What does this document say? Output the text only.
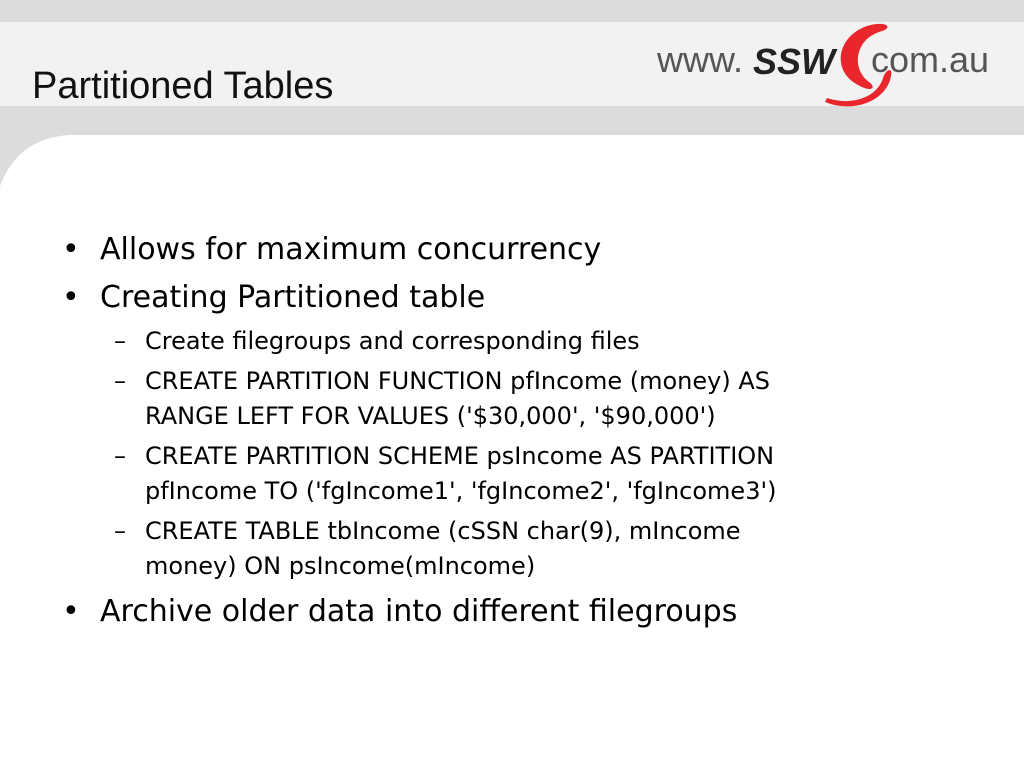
Partitioned Tables
www. SSW com.au
• Allows for maximum concurrency
• Creating Partitioned table
– Create filegroups and corresponding files
– CREATE PARTITION FUNCTION pfIncome (money) AS
RANGE LEFT FOR VALUES ('$30,000', '$90,000')
– CREATE PARTITION SCHEME psIncome AS PARTITION
pfIncome TO ('fgIncome1', 'fgIncome2', 'fgIncome3')
– CREATE TABLE tbIncome (cSSN char(9), mIncome
money) ON psIncome(mIncome)
• Archive older data into different filegroups
